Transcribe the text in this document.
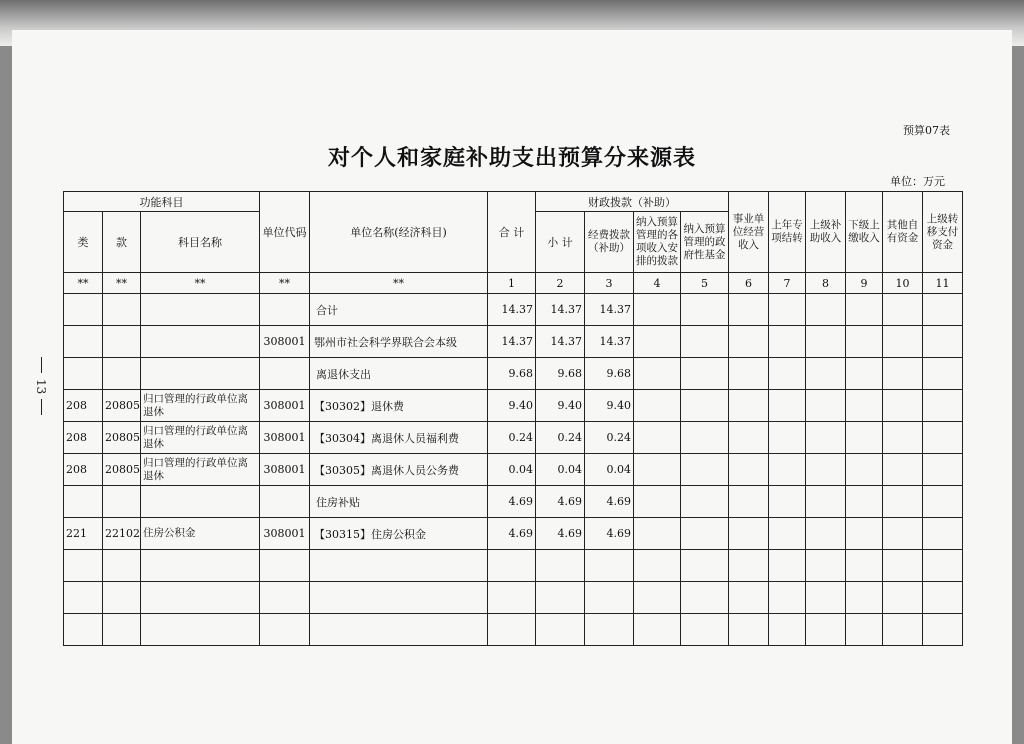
预算07表
对个人和家庭补助支出预算分来源表
单位：万元
13
功能科目			单位代码	单位名称(经济科目)	合 计	财政拨款（补助）				事业单位经营收入	上年专项结转	上级补助收入	下级上缴收入	其他自有资金	上级转移支付资金
类	款	科目名称				小 计	经费拨款（补助）	纳入预算管理的各项收入安排的拨款	纳入预算管理的政府性基金						
**	**	**	**	**	1	2	3	4	5	6	7	8	9	10	11
				合计	14.37	14.37	14.37								
			308001	鄂州市社会科学界联合会本级	14.37	14.37	14.37								
				离退休支出	9.68	9.68	9.68								
208	20805	归口管理的行政单位离退休	308001	【30302】退休费	9.40	9.40	9.40								
208	20805	归口管理的行政单位离退休	308001	【30304】离退休人员福利费	0.24	0.24	0.24								
208	20805	归口管理的行政单位离退休	308001	【30305】离退休人员公务费	0.04	0.04	0.04								
				住房补贴	4.69	4.69	4.69								
221	22102	住房公积金	308001	【30315】住房公积金	4.69	4.69	4.69								
